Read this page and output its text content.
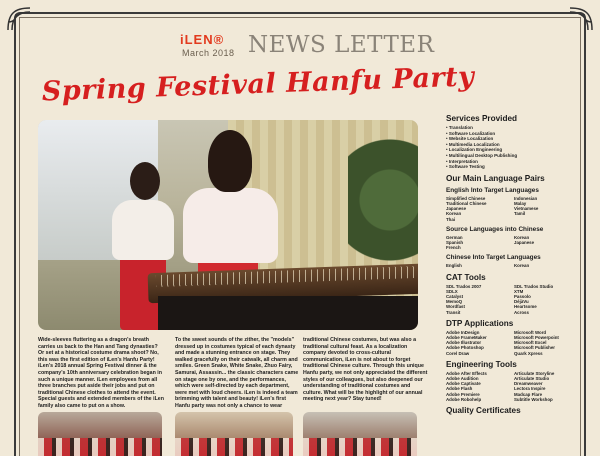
iLEN®
March 2018 NEWS LETTER
Spring Festival Hanfu Party
Wide-sleeves fluttering as a dragon's breath carries us back to the Han and Tang dynasties? Or set at a historical costume drama shoot? No, this was the first edition of iLen's Hanfu Party! iLen's 2018 annual Spring Festival dinner & the company's 10th anniversary celebration began in such a unique manner. iLen employees from all three branches put aside their jobs and put on traditional Chinese clothes to attend the event. Special guests and extended members of the iLen family also came to put on a show.
To the sweet sounds of the zither, the "models" dressed up in costumes typical of each dynasty and made a stunning entrance on stage. They walked gracefully on their catwalk, all charm and smiles. Green Snake, White Snake, Zhuo Fairy, Samurai, Assassin... the classic characters came on stage one by one, and the performances, which were self-directed by each department, were met with loud cheers. iLen is indeed a team brimming with talent and beauty! iLen's first Hanfu party was not only a chance to wear
traditional Chinese costumes, but was also a traditional cultural feast. As a localization company devoted to cross-cultural communication, iLen is not about to forget traditional Chinese culture. Through this unique Hanfu party, we not only appreciated the different styles of our colleagues, but also deepened our understanding of traditional costumes and culture. What will be the highlight of our annual meeting next year? Stay tuned!
Services Provided
• Translation
• Software Localization
• Website Localization
• Multimedia Localization
• Localization Engineering
• Multilingual Desktop Publishing
• Interpretation
• Software Testing
Our Main Language Pairs
English Into Target Languages
Simplified Chinese	Indonesian
Traditional Chinese	Malay
Japanese	Vietnamese
Korean	Tamil
Thai
Source Languages into Chinese
German	Korean
Spanish	Japanese
French
Chinese Into Target Languages
English	Korean
CAT Tools
SDL Trados 2007	SDL Trados Studio
SDLX	XTM
Catalyst	Passolo
MemoQ	DéjàVu
Wordfast	Heartsome
Transit	Across
DTP Applications
Adobe InDesign	Microsoft Word
Adobe FrameMaker	Microsoft Powerpoint
Adobe Illustrator	Microsoft Excel
Adobe Photoshop	Microsoft Publisher
Corel Draw	Quark Xpress
Engineering Tools
Adobe After Effects	Articulate Storyline
Adobe Audition	Articulate Studio
Adobe Captivate	Dreamweaver
Adobe Flash	Lectora Inspire
Adobe Premiere	Madcap Flare
Adobe Robohelp	Subtitle Workshop
Quality Certificates
